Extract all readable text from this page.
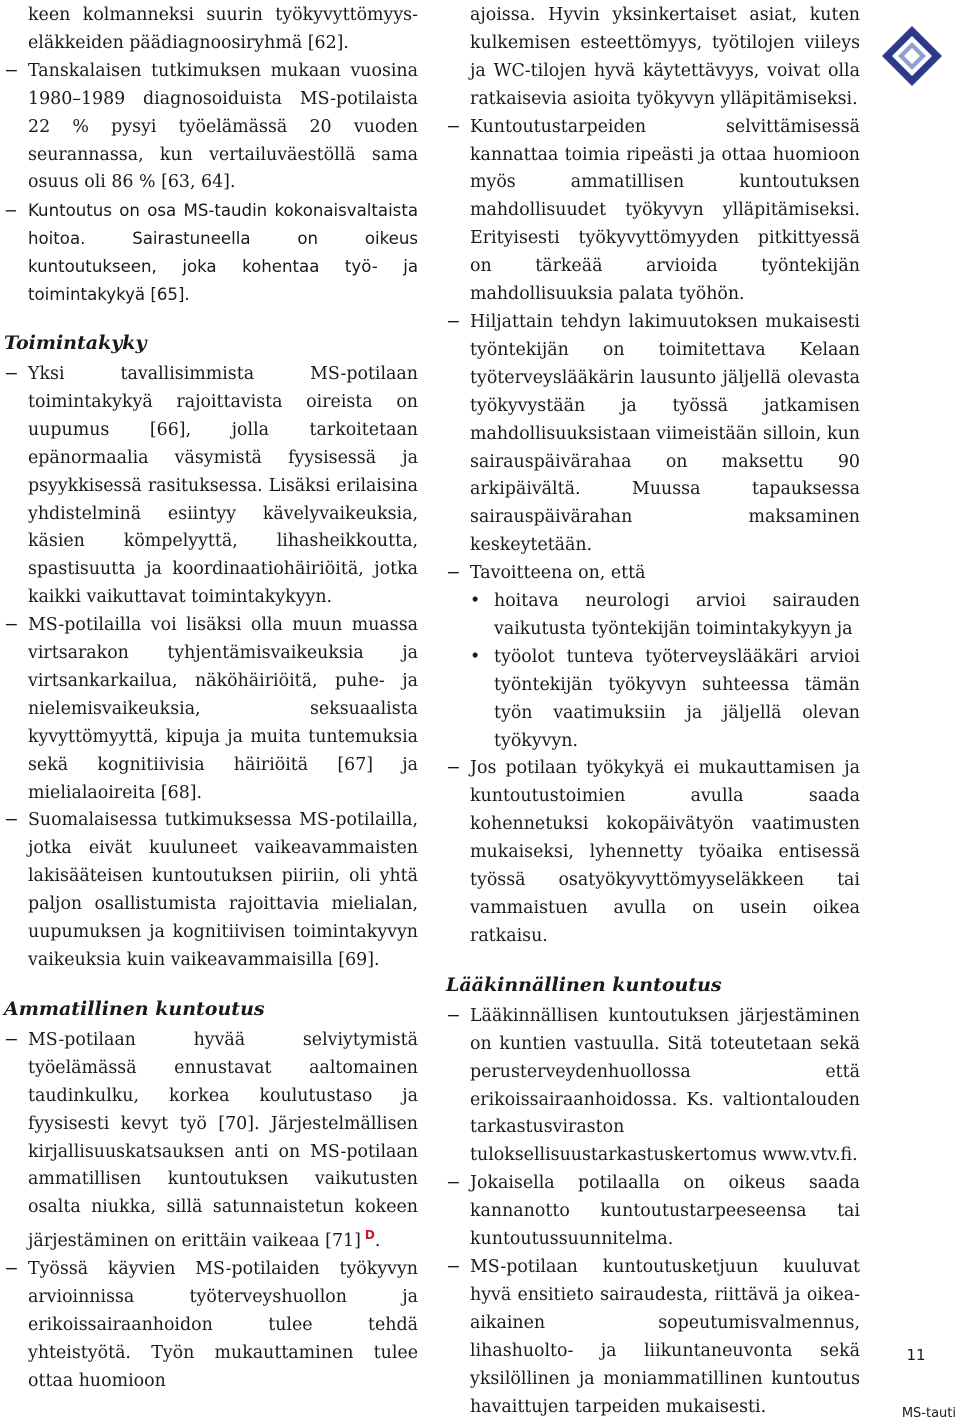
keen kolmanneksi suurin työkyvyttömyyseläkkeiden päädiagnoosiryhmä [62].
− Tanskalaisen tutkimuksen mukaan vuosina 1980–1989 diagnosoiduista MS-potilaista 22 % pysyi työelämässä 20 vuoden seurannassa, kun vertailuväestöllä sama osuus oli 86 % [63, 64].
− Kuntoutus on osa MS-taudin kokonaisvaltaista hoitoa. Sairastuneella on oikeus kuntoutukseen, joka kohentaa työ- ja toimintakykyä [65].
Toimintakyky
− Yksi tavallisimmista MS-potilaan toimintakykyä rajoittavista oireista on uupumus [66], jolla tarkoitetaan epänormaalia väsymistä fyysisessä ja psyykkisessä rasituksessa. Lisäksi erilaisina yhdistelminä esiintyy kävelyvaikeuksia, käsien kömpelyyttä, lihasheikkoutta, spastisuutta ja koordinaatiohäiriöitä, jotka kaikki vaikuttavat toimintakykyyn.
− MS-potilailla voi lisäksi olla muun muassa virtsarakon tyhjentämisvaikeuksia ja virtsankarkailua, näköhäiriöitä, puhe- ja nielemisvaikeuksia, seksuaalista kyvyttömyyttä, kipuja ja muita tuntemuksia sekä kognitiivisia häiriöitä [67] ja mielialaoireita [68].
− Suomalaisessa tutkimuksessa MS-potilailla, jotka eivät kuuluneet vaikeavammaisten lakisääteisen kuntoutuksen piiriin, oli yhtä paljon osallistumista rajoittavia mielialan, uupumuksen ja kognitiivisen toimintakyvyn vaikeuksia kuin vaikeavammaisilla [69].
Ammatillinen kuntoutus
− MS-potilaan hyvää selviytymistä työelämässä ennustavat aaltomainen taudinkulku, korkea koulutustaso ja fyysisesti kevyt työ [70]. Järjestelmällisen kirjallisuuskatsauksen anti on MS-potilaan ammatillisen kuntoutuksen vaikutusten osalta niukka, sillä satunnaistetun kokeen järjestäminen on erittäin vaikeaa [71] $^D$.
− Työssä käyvien MS-potilaiden työkyvyn arvioinnissa työterveyshuollon ja erikoissairaanhoidon tulee tehdä yhteistyötä. Työn mukauttaminen tulee ottaa huomioon
ajoissa. Hyvin yksinkertaiset asiat, kuten kulkemisen esteettömyys, työtilojen viileys ja WC-tilojen hyvä käytettävyys, voivat olla ratkaisevia asioita työkyvyn ylläpitämiseksi.
− Kuntoutustarpeiden selvittämisessä kannattaa toimia ripeästi ja ottaa huomioon myös ammatillisen kuntoutuksen mahdollisuudet työkyvyn ylläpitämiseksi. Erityisesti työkyvyttömyyden pitkittyessä on tärkeää arvioida työntekijän mahdollisuuksia palata työhön.
− Hiljattain tehdyn lakimuutoksen mukaisesti työntekijän on toimitettava Kelaan työterveyslääkärin lausunto jäljellä olevasta työkyvystään ja työssä jatkamisen mahdollisuuksistaan viimeistään silloin, kun sairauspäivärahaa on maksettu 90 arkipäivältä. Muussa tapauksessa sairauspäivärahan maksaminen keskeytetään.
− Tavoitteena on, että
• hoitava neurologi arvioi sairauden vaikutusta työntekijän toimintakykyyn ja
• työolot tunteva työterveyslääkäri arvioi työntekijän työkyvyn suhteessa tämän työn vaatimuksiin ja jäljellä olevan työkyvyn.
− Jos potilaan työkykyä ei mukauttamisen ja kuntoutustoimien avulla saada kohennetuksi kokopäivätyön vaatimusten mukaiseksi, lyhennetty työaika entisessä työssä osatyökyvyttömyyseläkkeen tai vammaistuen avulla on usein oikea ratkaisu.
Lääkinnällinen kuntoutus
− Lääkinnällisen kuntoutuksen järjestäminen on kuntien vastuulla. Sitä toteutetaan sekä perusterveydenhuollossa että erikoissairaanhoidossa. Ks. valtiontalouden tarkastusviraston tuloksellisuustarkastuskertomus www.vtv.fi.
− Jokaisella potilaalla on oikeus saada kannanotto kuntoutustarpeeseensa tai kuntoutussuunnitelma.
− MS-potilaan kuntoutusketjuun kuuluvat hyvä ensitieto sairaudesta, riittävä ja oikea-aikainen sopeutumisvalmennus, lihashuolto- ja liikuntaneuvonta sekä yksilöllinen ja moniammatillinen kuntoutus havaittujen tarpeiden mukaisesti.
11
MS-tauti
